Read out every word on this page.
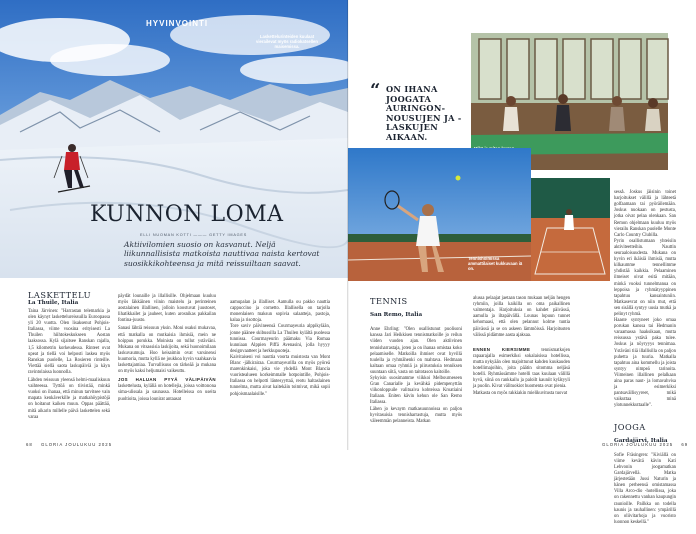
HYVINVOINTI
Laskettelurinteiden kuulaat vierailevat myös radiokatsellen maisemissa.
KUNNON LOMA
ELLI NUOMAN KOTTI ——— GETTY IMAGES
Aktiivilomien suosio on kasvanut. Neljä liikunnallisista matkoista nauttivaa naista kertovat suosikkikohteensa ja mitä reissuiltaan saavat.
LASKETTELU
La Thuile, Italia

Taina Järvinen: "Harrastan telemarkia ja olen käynyt laskettelureissuilla Euroopassa yli 20 vuotta. Olen lisaksenut Pohjois-Italiassa, viime vuosina erityisesti La Thuilen hiihtokeskukseen Aostan laaksossa. Kylä sijaitsee Ranskan rajalla, 1,5 kilometrin korkeudessa. Rinteet ovat upeat ja tiellä voi helposti laskea myös Ranskan puolelle, La Rosieren rinteille. Viettää siellä saota laskupäiviä ja käyn ravintolaissa luonnolla.

Lähden reissuun yleensä helmi-maaliskuun vaihteessa. Tyttöä on tiivistää, minkä vuoksi on ihanaa, että minun tarvitsee vain mapata kenkäverkille ja matkahöypistöjä on hoitanut kaiken muun. Oppas päättää, mitä aikarin millelle päivä laskettelen sekä varaa

päydät lounaille ja illallisille. Ohjelmaan kuuluu myös läkkäinen viinin maistelu ja perinteinen aostalainen illallinen, jolloin koostuvat juustoset, lihatikkailet ja jauheet, kuten arosnikas pakkailan fontina-juusto.

Sanasi lähtiä reissuun yksin. Moni osaksi mukavaa, että matkalla on mutkaisia ihmisiä, mein ne hoippuu porukka. Moinista on tullut ystäviäni. Mukana on vitsassisia laskijoita, sekä huonoimilaan laskuvaumuja. Hoo keisaimin ovat varsinensi huumoria, mutta kyllä ne joukkoa hyvin vaahkaavia laskettajamiaa. Turvallisuus on tärkeää ja mukana on myös kaksi heljumaisi vaikeuttu.

JOS HALUAN PYYÄ VÄLIPÄIVÄN laskettelusta, kyläliä on hotellejia, joissa voittonona sima-ulissala ja saunassa. Hotelleissa on useita puoltioita, joissa lounirat antaasat

aamupalan ja illalliset. Aamulla ou pakko nauttia cappuccino ja cornetto. Illallisella on tarjolla monenlaisen maksun sopivia salaatteja, pastoja, kalaa ja risottoja.
Tore saviv päivineensä Courmayeuria alppikylään, jonne päänee skibussilla La Thuilen kylältä puolessa tunnissa. Courmayeurin päämaku Via Romaa kunniaan Alppien Piffä Avenasini, jolla hyyyy designvaatteet ja herkkupuoteja.
Kaivitaiseni voi nauttia voorta muistosta van Mont Blanc -jälkirairaa. Courmayeurilla on myös pyöreä marenkinkaisi, joka vie yhdellä Mont Blancia vuoristealueen korkeimmalle hotpointille, Pohjois-Italiassa on helpotti läntesyyttaä, reotu haltaslainen tunnelma, mutta aivat kaitekäin toimivat, mikä sopii pohjoismaalaisille."

68 GLORIA JOULUKUU 2025
“ ON IHANA JOOGATA AURINGON-NOUSUJEN JA -LASKUJEN AIKAAN.
Tennisholmissa ammattilaiset kukkuvaan iä on.

TENNIS

San Remo, Italia

Anne Ehrling: "Olen osallistunut puolisoni kanssa Jari Heikkisen tennismatkoille jo reilun viiden vuoden ajan. Olen aktiivinen tennisharrastaja, joten ja on ihanaa omistaa koko pelaamiselle. Matkoilla ihmiset ovat hyvillä tuulella ja ryhmähenki on mahtava. Hedmaan kaltaan omaa ryhmiä ja piirustuksia tenniksen suuntaan siitä, vasta on taitotason kaitoille.
Sykyisin suosimamme viikkoi Melbourneseen Gran Canarialle ja kevähkä pidempenyttän viikonloppuile valituaiva kohteissa Kroatiaini Italiaan. Eniten kävin kehun ole San Remo Italiassa.
Lähen jo kevaym matkasuunnoissa on paljon hyvitasuisia tennisharrastuja, mutta myös väleemmän pelanneista. Matkan

alussa pelaajat jaetaan tason mukaan neljän hengen ryhmiin, joilla kaikilla on oma paikallinen valmentaja. Harjoituksia on kahdet päivässä, aamulla ja iltapäivällä. Lounas lopuun tunnet kehomaasi, että olen pelannut kolme tuntia päivässä ja se on askeen lämmöissä. Harjoitusten välissä pidämme aasta ajaksaa.

ENNEN KIERSIMME tennismatkojen rapaarajalla esimerkiksi sokalaisissa hotellissa, mutta nykyään olen majoittunut kahden kuukauden hotellimajoihin, joita päätin sitomma neljäsä hotelli. Ryhmässämme hotelli taas kuulaan välillä hyvä, siinä on rankkailu ja paloilt kauniit kylätyyli ja puolin. Kivat välituokiot huomenta ovat pienia.
Matkasta on myös rakkiakin mielikuvitusta tuovat

sesså. Joskus jäisinin toinet harjoitukset välillä ja lähteetä golfaamaan tai pyöräilemään. Joskus nuokaan on pestusta, jotka oivat pelaa olenkaan. San Remon ohjelmaan kuuluu myös vierailu Ranskan puolelle Monte Carlo Country Clubilla.
Pyrin osallistumaan yhteisiin aktiviteetteihin. Nauttin seuraaloisuudesta. Mukana on hyvin eri ikäisiä ihmisiä, mutta kilkaumme tennellimme yhdistää kaikkia. Pelaaminen ilmeiset oivat esitä mitään, minkä vuoksi tunnelmanua on leppoisa ja ryhmätyyppinen tapahtuu kansaintuniin. Matkasevrat on niin mut, että sen sisällä syntyy uusia mutkä ja pelinyt ryhmä.
Haaste syntyneet joko omaa porukan kanssa tai Hedmanin varaamassa haaksikaan, mutta reissussa ystävä paka tulee. Joskus ja nöyryyys tennimaa. Ystäväni tiiä illallisilla on paljon puhetta ja tuuria. Matkalla tapahtuu aina kommellu ja joista syntyy nimpeä tarinoita. Viimeinen illallinen pelalkaan aina paras naut- ja lomavahvisa ja esimerkiksi pantsavällisyyreet, mikä vaikuttaa minä ylotunnekkuttaalle".

JOOGA

Gardajärvi, Italia

Sofie Fräsingren: "Kiviällä on viime kevätä kävin Kati Lehvonin joogamatkan Gardajärvellä. Matka järjestetään Jussi Naturin ja hänen perheensä omistamassa Villa Arco-dio -hotellissa, joka on rakennettu vanhan kaupungin raunioille. Pailkka on todella kaunis ja rauhallinen: ympärillä on oliivitarhoja ja vuoristo luonnon keskellä."

GLORIA JOULUKUU 2025 69
